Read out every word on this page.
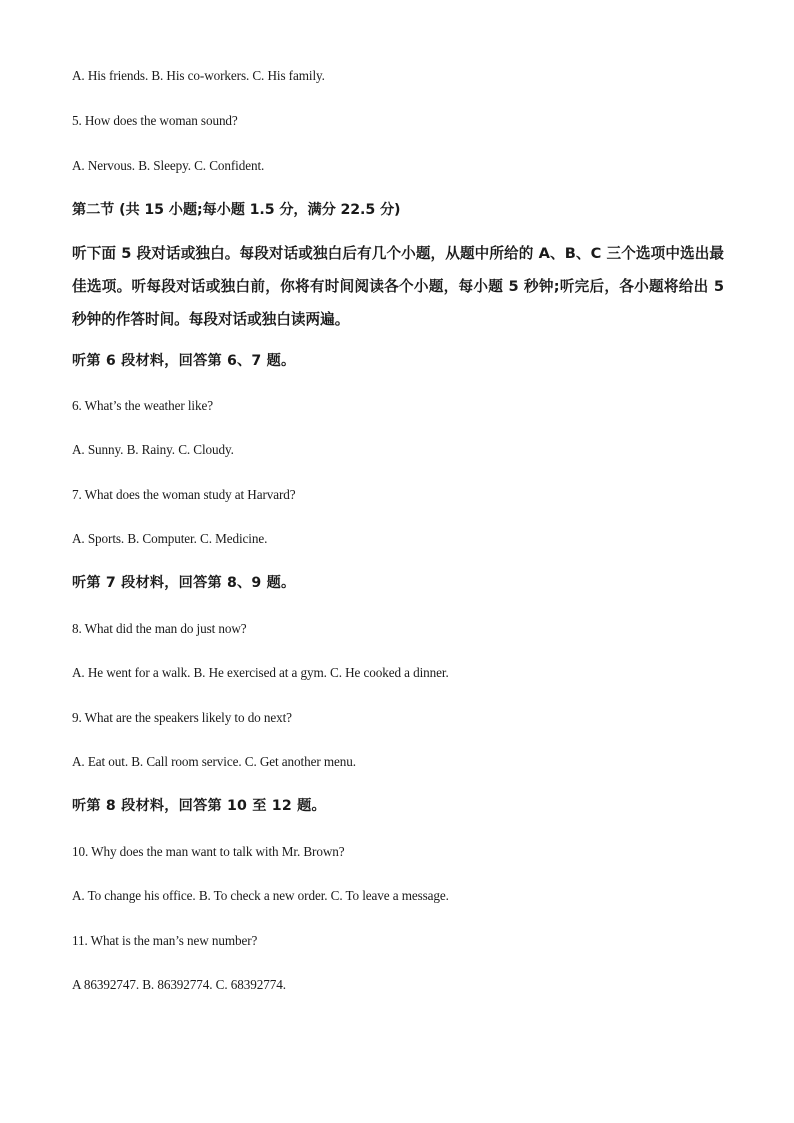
A. His friends. B. His co-workers. C. His family.
5. How does the woman sound?
A. Nervous. B. Sleepy. C. Confident.
第二节 (共 15 小题;每小题 1.5 分，满分 22.5 分)
听下面 5 段对话或独白。每段对话或独白后有几个小题，从题中所给的 A、B、C 三个选项中选出最佳选项。听每段对话或独白前，你将有时间阅读各个小题，每小题 5 秒钟;听完后，各小题将给出 5 秒钟的作答时间。每段对话或独白读两遍。
听第 6 段材料，回答第 6、7 题。
6. What’s the weather like?
A. Sunny. B. Rainy. C. Cloudy.
7. What does the woman study at Harvard?
A. Sports. B. Computer. C. Medicine.
听第 7 段材料，回答第 8、9 题。
8. What did the man do just now?
A. He went for a walk. B. He exercised at a gym. C. He cooked a dinner.
9. What are the speakers likely to do next?
A. Eat out. B. Call room service. C. Get another menu.
听第 8 段材料，回答第 10 至 12 题。
10. Why does the man want to talk with Mr. Brown?
A. To change his office. B. To check a new order. C. To leave a message.
11. What is the man’s new number?
A 86392747. B. 86392774. C. 68392774.
